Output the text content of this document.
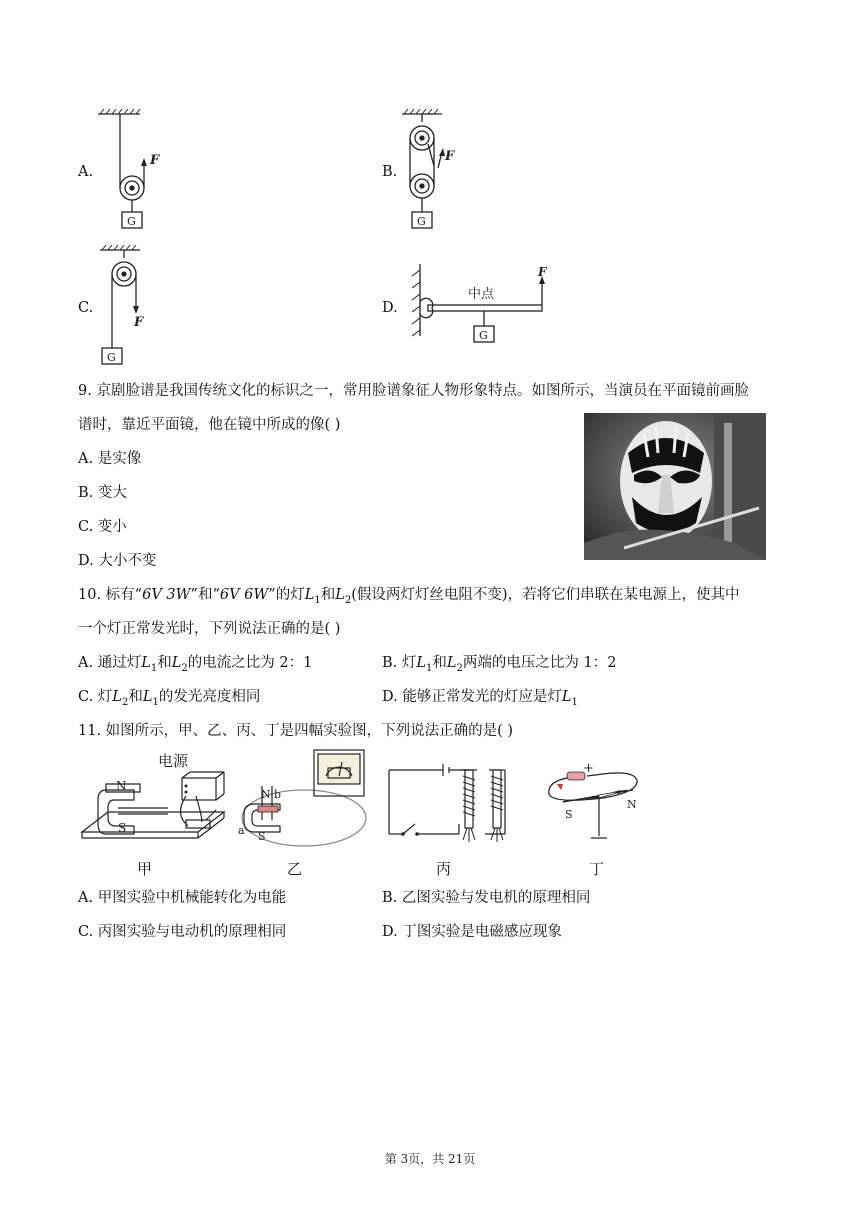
A.	B.
C.	D.
F
G
F
G
F
G
F
中点
G
9. 京剧脸谱是我国传统文化的标识之一，常用脸谱象征人物形象特点。如图所示，当演员在平面镜前画脸
谱时，靠近平面镜，他在镜中所成的像( )
A. 是实像
B. 变大
C. 变小
D. 大小不变
10. 标有“6V 3W”和“6V 6W”的灯$L_1$和$L_2$(假设两灯灯丝电阻不变)，若将它们串联在某电源上，使其中
一个灯正常发光时，下列说法正确的是( )
A. 通过灯$L_1$和$L_2$的电流之比为 2：1	B. 灯$L_1$和$L_2$两端的电压之比为 1：2
C. 灯$L_2$和$L_1$的发光亮度相同	D. 能够正常发光的灯应是灯$L_1$
11. 如图所示，甲、乙、丙、丁是四幅实验图，下列说法正确的是( )
N
S
电源
N b
a S
+
S
N
甲	乙	丙	丁
A. 甲图实验中机械能转化为电能	B. 乙图实验与发电机的原理相同
C. 丙图实验与电动机的原理相同	D. 丁图实验是电磁感应现象
第 3页，共 21页
